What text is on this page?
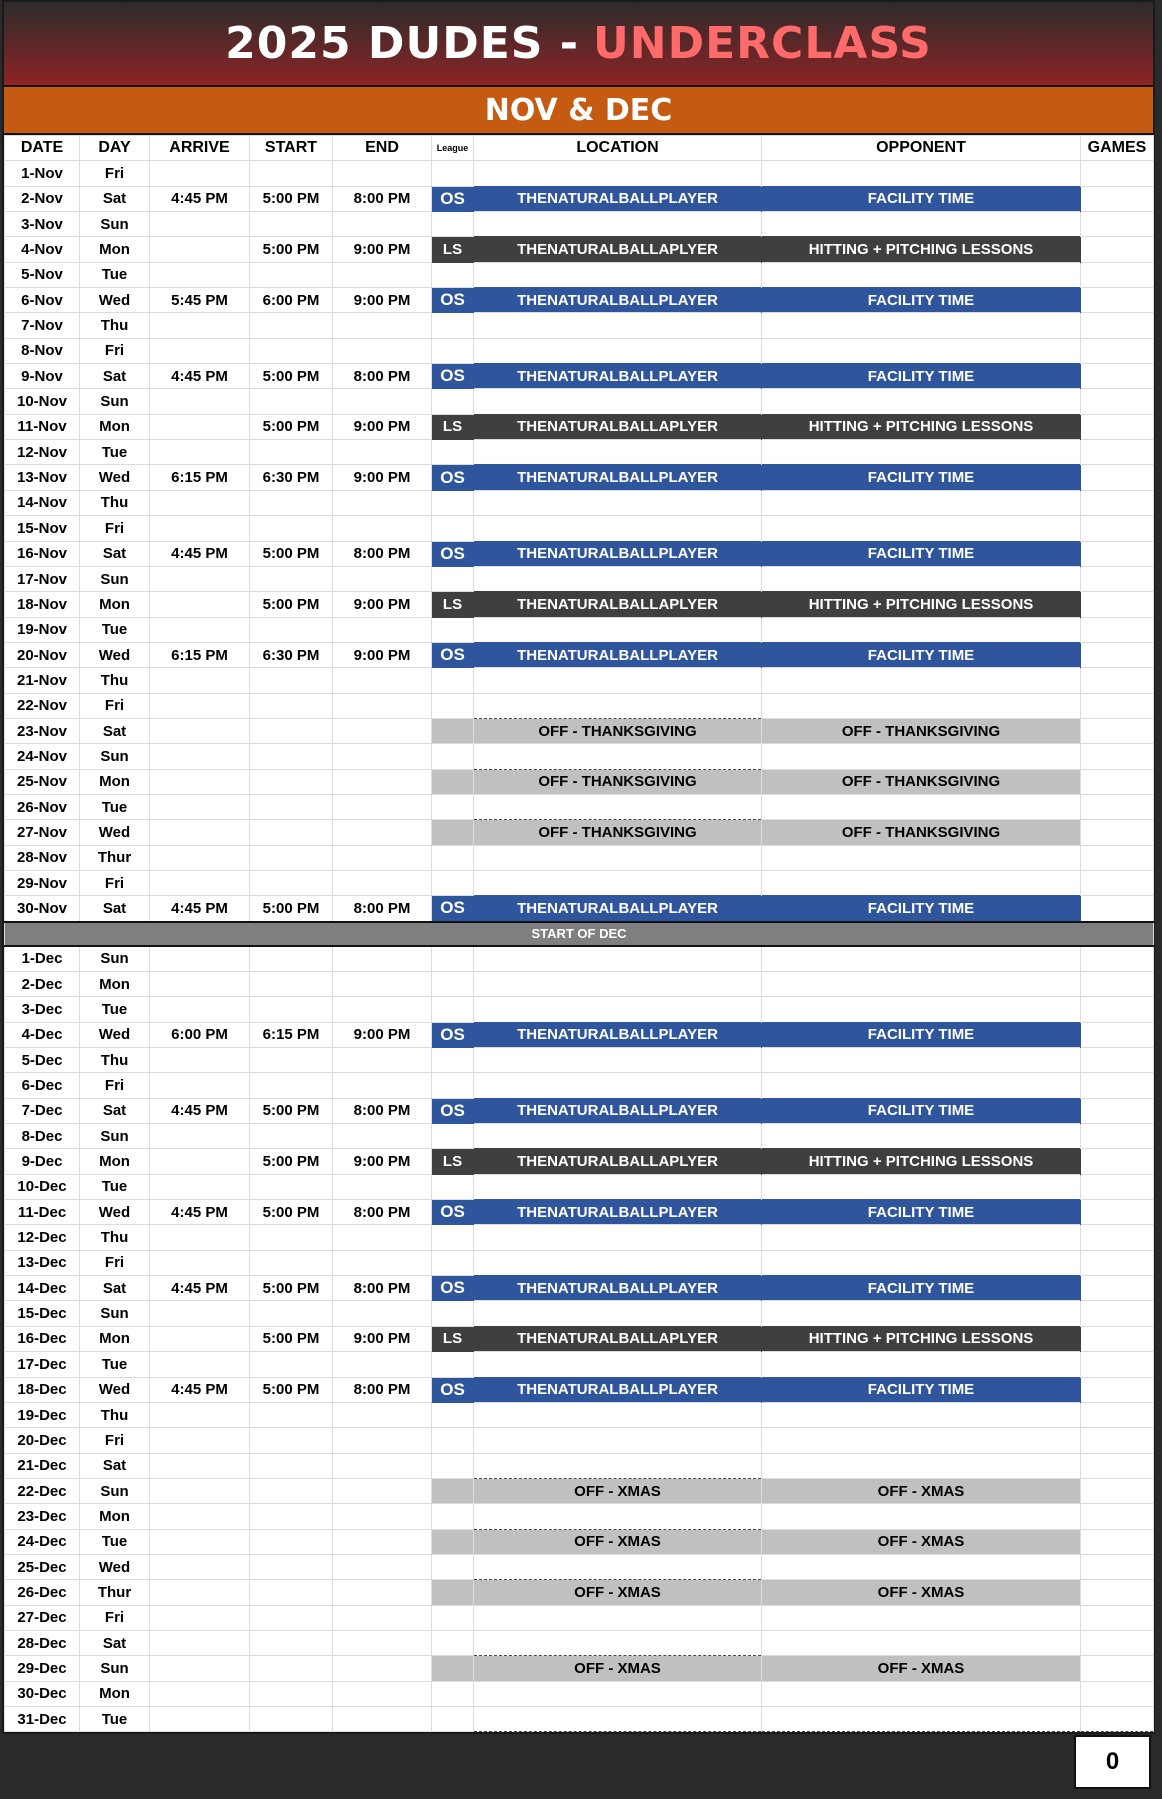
2025 DUDES - UNDERCLASS
NOV & DEC
DATE	DAY	ARRIVE	START	END	League	LOCATION	OPPONENT	GAMES
1-Nov	Fri							
2-Nov	Sat	4:45 PM	5:00 PM	8:00 PM	OS	THENATURALBALLPLAYER	FACILITY TIME	
3-Nov	Sun							
4-Nov	Mon		5:00 PM	9:00 PM	LS	THENATURALBALLAPLYER	HITTING + PITCHING LESSONS	
5-Nov	Tue							
6-Nov	Wed	5:45 PM	6:00 PM	9:00 PM	OS	THENATURALBALLPLAYER	FACILITY TIME	
7-Nov	Thu							
8-Nov	Fri							
9-Nov	Sat	4:45 PM	5:00 PM	8:00 PM	OS	THENATURALBALLPLAYER	FACILITY TIME	
10-Nov	Sun							
11-Nov	Mon		5:00 PM	9:00 PM	LS	THENATURALBALLAPLYER	HITTING + PITCHING LESSONS	
12-Nov	Tue							
13-Nov	Wed	6:15 PM	6:30 PM	9:00 PM	OS	THENATURALBALLPLAYER	FACILITY TIME	
14-Nov	Thu							
15-Nov	Fri							
16-Nov	Sat	4:45 PM	5:00 PM	8:00 PM	OS	THENATURALBALLPLAYER	FACILITY TIME	
17-Nov	Sun							
18-Nov	Mon		5:00 PM	9:00 PM	LS	THENATURALBALLAPLYER	HITTING + PITCHING LESSONS	
19-Nov	Tue							
20-Nov	Wed	6:15 PM	6:30 PM	9:00 PM	OS	THENATURALBALLPLAYER	FACILITY TIME	
21-Nov	Thu							
22-Nov	Fri							
23-Nov	Sat					OFF - THANKSGIVING	OFF - THANKSGIVING	
24-Nov	Sun							
25-Nov	Mon					OFF - THANKSGIVING	OFF - THANKSGIVING	
26-Nov	Tue							
27-Nov	Wed					OFF - THANKSGIVING	OFF - THANKSGIVING	
28-Nov	Thur							
29-Nov	Fri							
30-Nov	Sat	4:45 PM	5:00 PM	8:00 PM	OS	THENATURALBALLPLAYER	FACILITY TIME	
START OF DEC								
1-Dec	Sun							
2-Dec	Mon							
3-Dec	Tue							
4-Dec	Wed	6:00 PM	6:15 PM	9:00 PM	OS	THENATURALBALLPLAYER	FACILITY TIME	
5-Dec	Thu							
6-Dec	Fri							
7-Dec	Sat	4:45 PM	5:00 PM	8:00 PM	OS	THENATURALBALLPLAYER	FACILITY TIME	
8-Dec	Sun							
9-Dec	Mon		5:00 PM	9:00 PM	LS	THENATURALBALLAPLYER	HITTING + PITCHING LESSONS	
10-Dec	Tue							
11-Dec	Wed	4:45 PM	5:00 PM	8:00 PM	OS	THENATURALBALLPLAYER	FACILITY TIME	
12-Dec	Thu							
13-Dec	Fri							
14-Dec	Sat	4:45 PM	5:00 PM	8:00 PM	OS	THENATURALBALLPLAYER	FACILITY TIME	
15-Dec	Sun							
16-Dec	Mon		5:00 PM	9:00 PM	LS	THENATURALBALLAPLYER	HITTING + PITCHING LESSONS	
17-Dec	Tue							
18-Dec	Wed	4:45 PM	5:00 PM	8:00 PM	OS	THENATURALBALLPLAYER	FACILITY TIME	
19-Dec	Thu							
20-Dec	Fri							
21-Dec	Sat							
22-Dec	Sun					OFF - XMAS	OFF - XMAS	
23-Dec	Mon							
24-Dec	Tue					OFF - XMAS	OFF - XMAS	
25-Dec	Wed							
26-Dec	Thur					OFF - XMAS	OFF - XMAS	
27-Dec	Fri							
28-Dec	Sat							
29-Dec	Sun					OFF - XMAS	OFF - XMAS	
30-Dec	Mon							
31-Dec	Tue							
0
